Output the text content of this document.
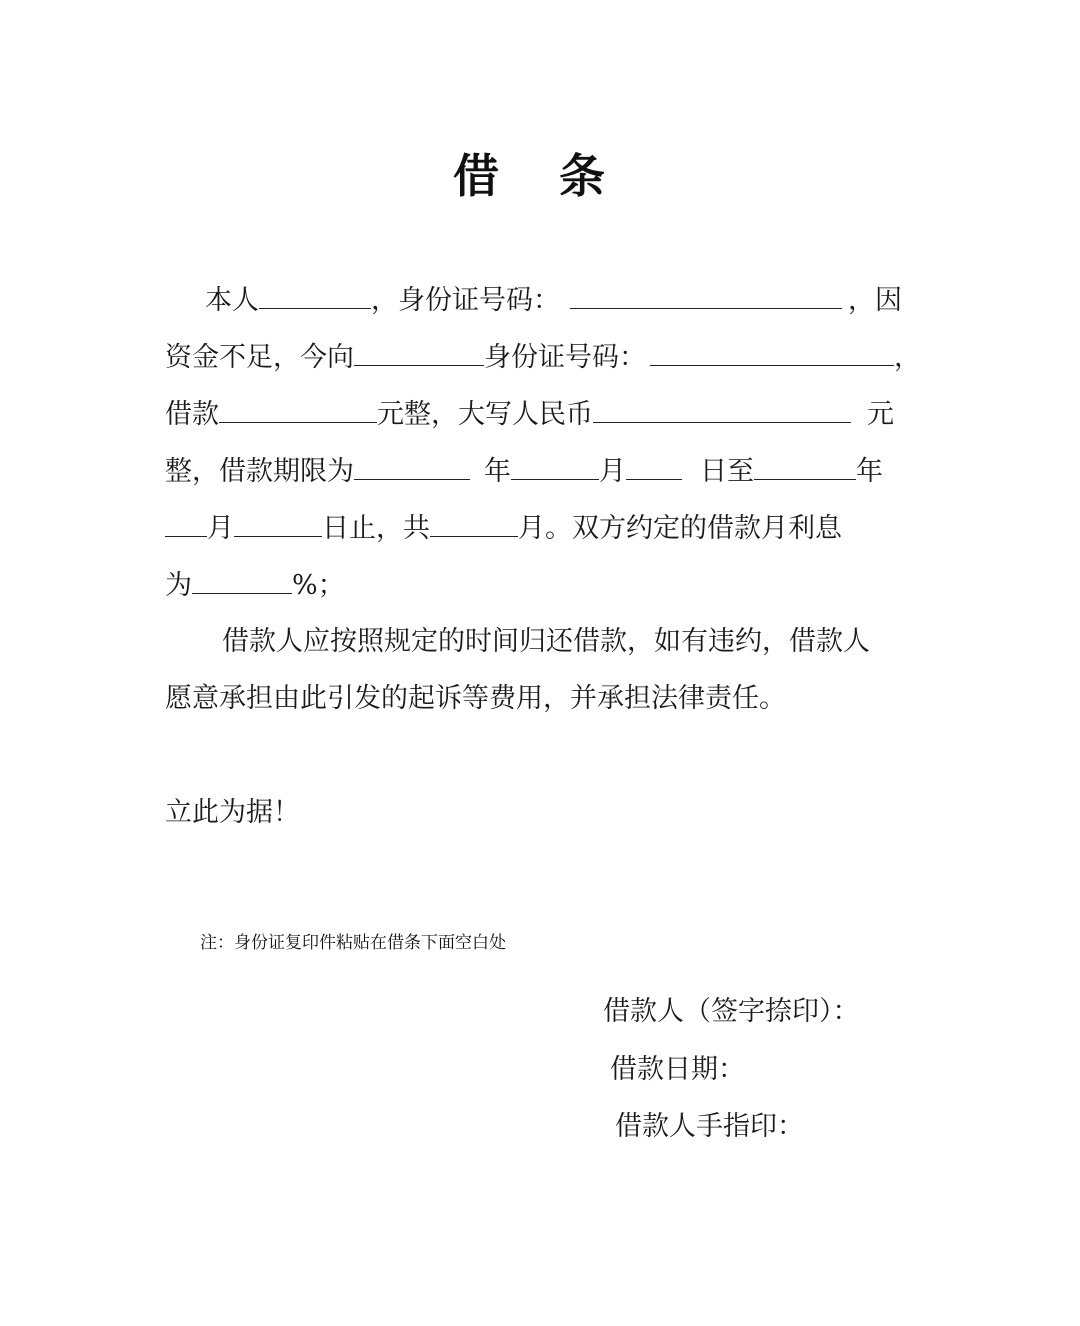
借 条
本人	，身份证号码：	，因
资金不足，今向	身份证号码：	，
借款	元整，大写人民币	元
整，借款期限为	年	月	日至	年
月	日止，共	月。双方约定的借款月利息
为	%；
借款人应按照规定的时间归还借款，如有违约，借款人
愿意承担由此引发的起诉等费用，并承担法律责任。
立此为据！
注：身份证复印件粘贴在借条下面空白处
借款人（签字捺印）：
借款日期：
借款人手指印：
